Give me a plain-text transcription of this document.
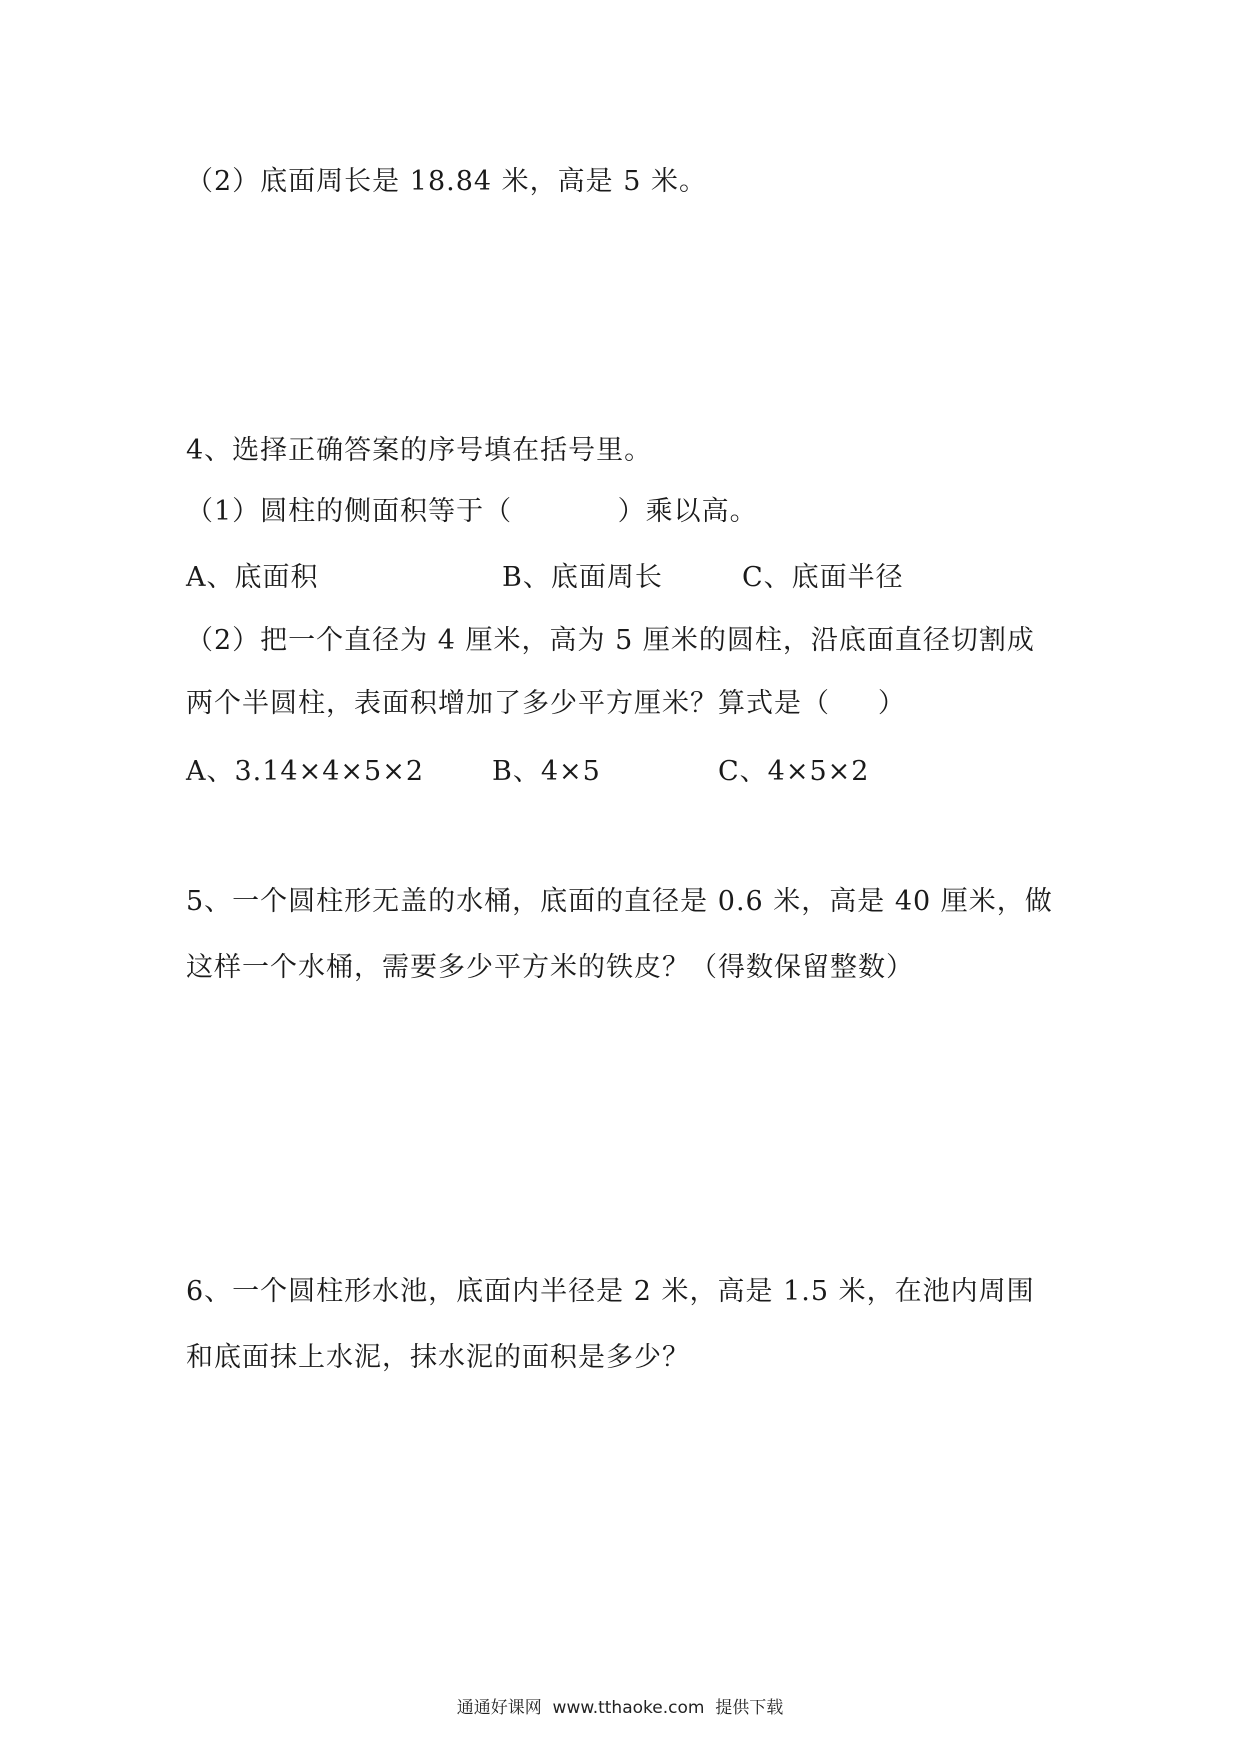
（2）底面周长是 18.84 米，高是 5 米。
4、选择正确答案的序号填在括号里。
（1）圆柱的侧面积等于（           ）乘以高。
A、底面积	B、底面周长	C、底面半径
（2）把一个直径为 4 厘米，高为 5 厘米的圆柱，沿底面直径切割成
两个半圆柱，表面积增加了多少平方厘米？算式是（     ）
A、3.14×4×5×2	B、4×5	C、4×5×2
5、一个圆柱形无盖的水桶，底面的直径是 0.6 米，高是 40 厘米，做
这样一个水桶，需要多少平方米的铁皮？（得数保留整数）
6、一个圆柱形水池，底面内半径是 2 米，高是 1.5 米，在池内周围
和底面抹上水泥，抹水泥的面积是多少？
通通好课网  www.tthaoke.com  提供下载
